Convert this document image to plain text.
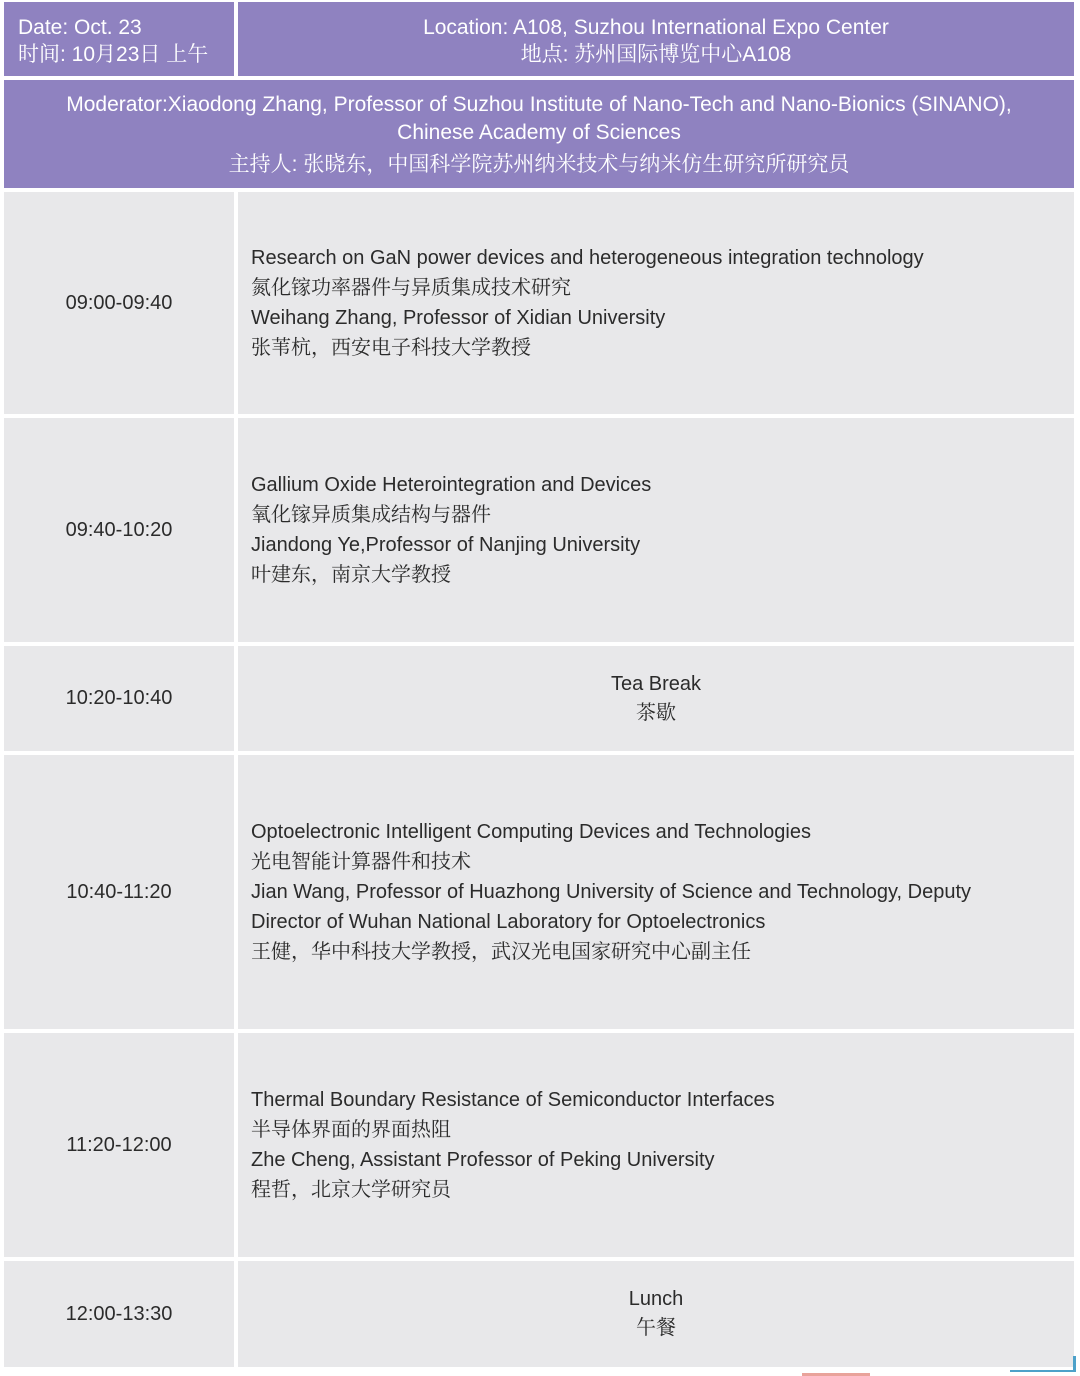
Date: Oct. 23
时间: 10月23日 上午
Location: A108, Suzhou International Expo Center
地点: 苏州国际博览中心A108
Moderator:Xiaodong Zhang, Professor of Suzhou Institute of Nano-Tech and Nano-Bionics (SINANO),
Chinese Academy of Sciences
主持人: 张晓东，中国科学院苏州纳米技术与纳米仿生研究所研究员
09:00-09:40
Research on GaN power devices and heterogeneous integration technology
氮化镓功率器件与异质集成技术研究
Weihang Zhang, Professor of Xidian University
张苇杭，西安电子科技大学教授
09:40-10:20
Gallium Oxide Heterointegration and Devices
氧化镓异质集成结构与器件
Jiandong Ye,Professor of Nanjing University
叶建东，南京大学教授
10:20-10:40
Tea Break
茶歇
10:40-11:20
Optoelectronic Intelligent Computing Devices and Technologies
光电智能计算器件和技术
Jian Wang, Professor of Huazhong University of Science and Technology, Deputy
Director of Wuhan National Laboratory for Optoelectronics
王健，华中科技大学教授，武汉光电国家研究中心副主任
11:20-12:00
Thermal Boundary Resistance of Semiconductor Interfaces
半导体界面的界面热阻
Zhe Cheng, Assistant Professor of Peking University
程哲，北京大学研究员
12:00-13:30
Lunch
午餐
